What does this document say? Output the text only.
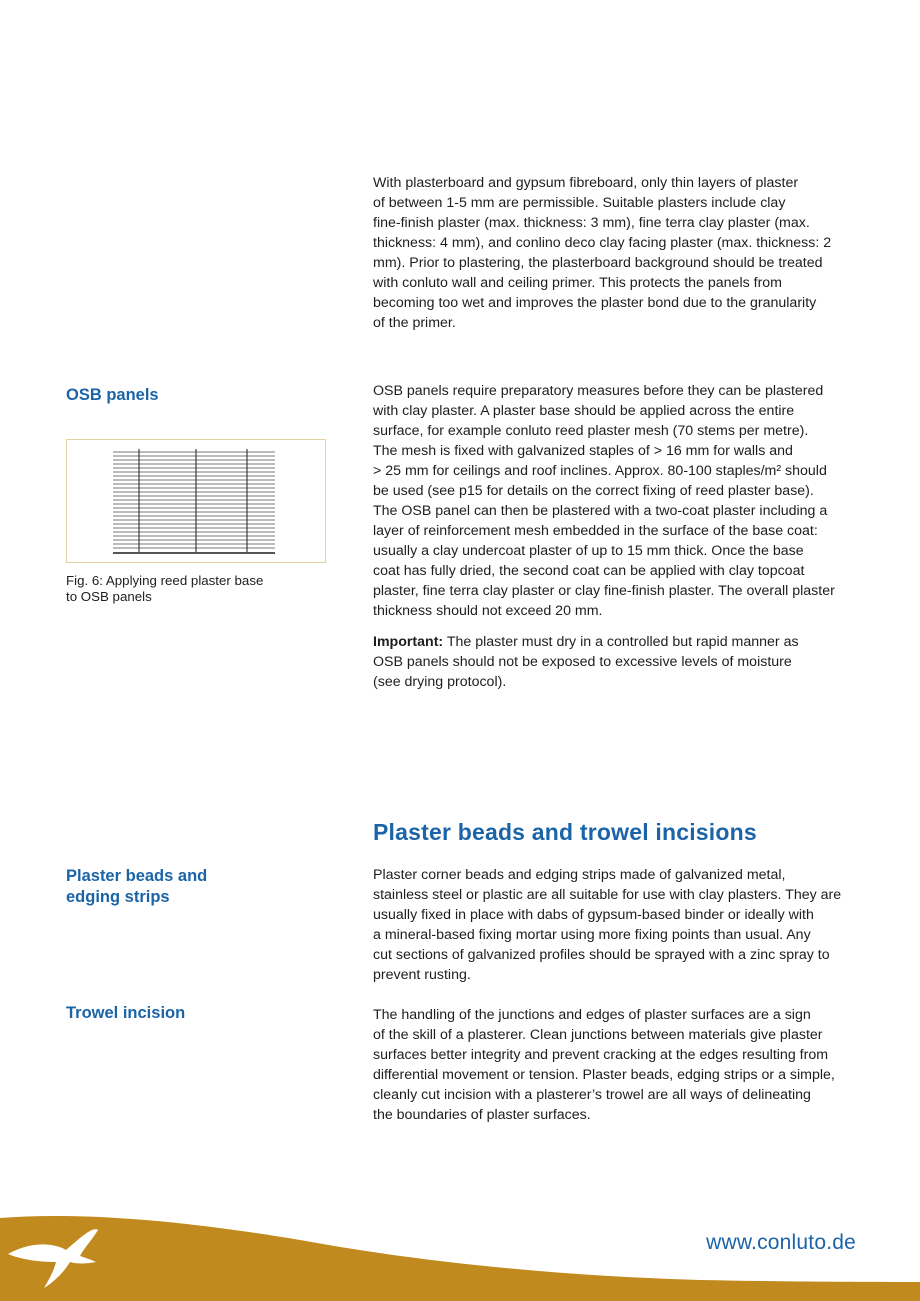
With plasterboard and gypsum fibreboard, only thin layers of plaster
of between 1-5 mm are permissible. Suitable plasters include clay
fine-finish plaster (max. thickness: 3 mm), fine terra clay plaster (max.
thickness: 4 mm), and conlino deco clay facing plaster (max. thickness: 2
mm). Prior to plastering, the plasterboard background should be treated
with conluto wall and ceiling primer. This protects the panels from
becoming too wet and improves the plaster bond due to the granularity
of the primer.

OSB panels

Fig. 6: Applying reed plaster base
to OSB panels

OSB panels require preparatory measures before they can be plastered
with clay plaster. A plaster base should be applied across the entire
surface, for example conluto reed plaster mesh (70 stems per metre).
The mesh is fixed with galvanized staples of > 16 mm for walls and
> 25 mm for ceilings and roof inclines. Approx. 80-100 staples/m² should
be used (see p15 for details on the correct fixing of reed plaster base).
The OSB panel can then be plastered with a two-coat plaster including a
layer of reinforcement mesh embedded in the surface of the base coat:
usually a clay undercoat plaster of up to 15 mm thick. Once the base
coat has fully dried, the second coat can be applied with clay topcoat
plaster, fine terra clay plaster or clay fine-finish plaster. The overall plaster
thickness should not exceed 20 mm.

Important: The plaster must dry in a controlled but rapid manner as
OSB panels should not be exposed to excessive levels of moisture
(see drying protocol).

Plaster beads and trowel incisions
Plaster beads and
edging strips

Plaster corner beads and edging strips made of galvanized metal,
stainless steel or plastic are all suitable for use with clay plasters. They are
usually fixed in place with dabs of gypsum-based binder or ideally with
a mineral-based fixing mortar using more fixing points than usual. Any
cut sections of galvanized profiles should be sprayed with a zinc spray to
prevent rusting.

Trowel incision	The handling of the junctions and edges of plaster surfaces are a sign
of the skill of a plasterer. Clean junctions between materials give plaster
surfaces better integrity and prevent cracking at the edges resulting from
differential movement or tension. Plaster beads, edging strips or a simple,
cleanly cut incision with a plasterer’s trowel are all ways of delineating
the boundaries of plaster surfaces.

www.conluto.de
